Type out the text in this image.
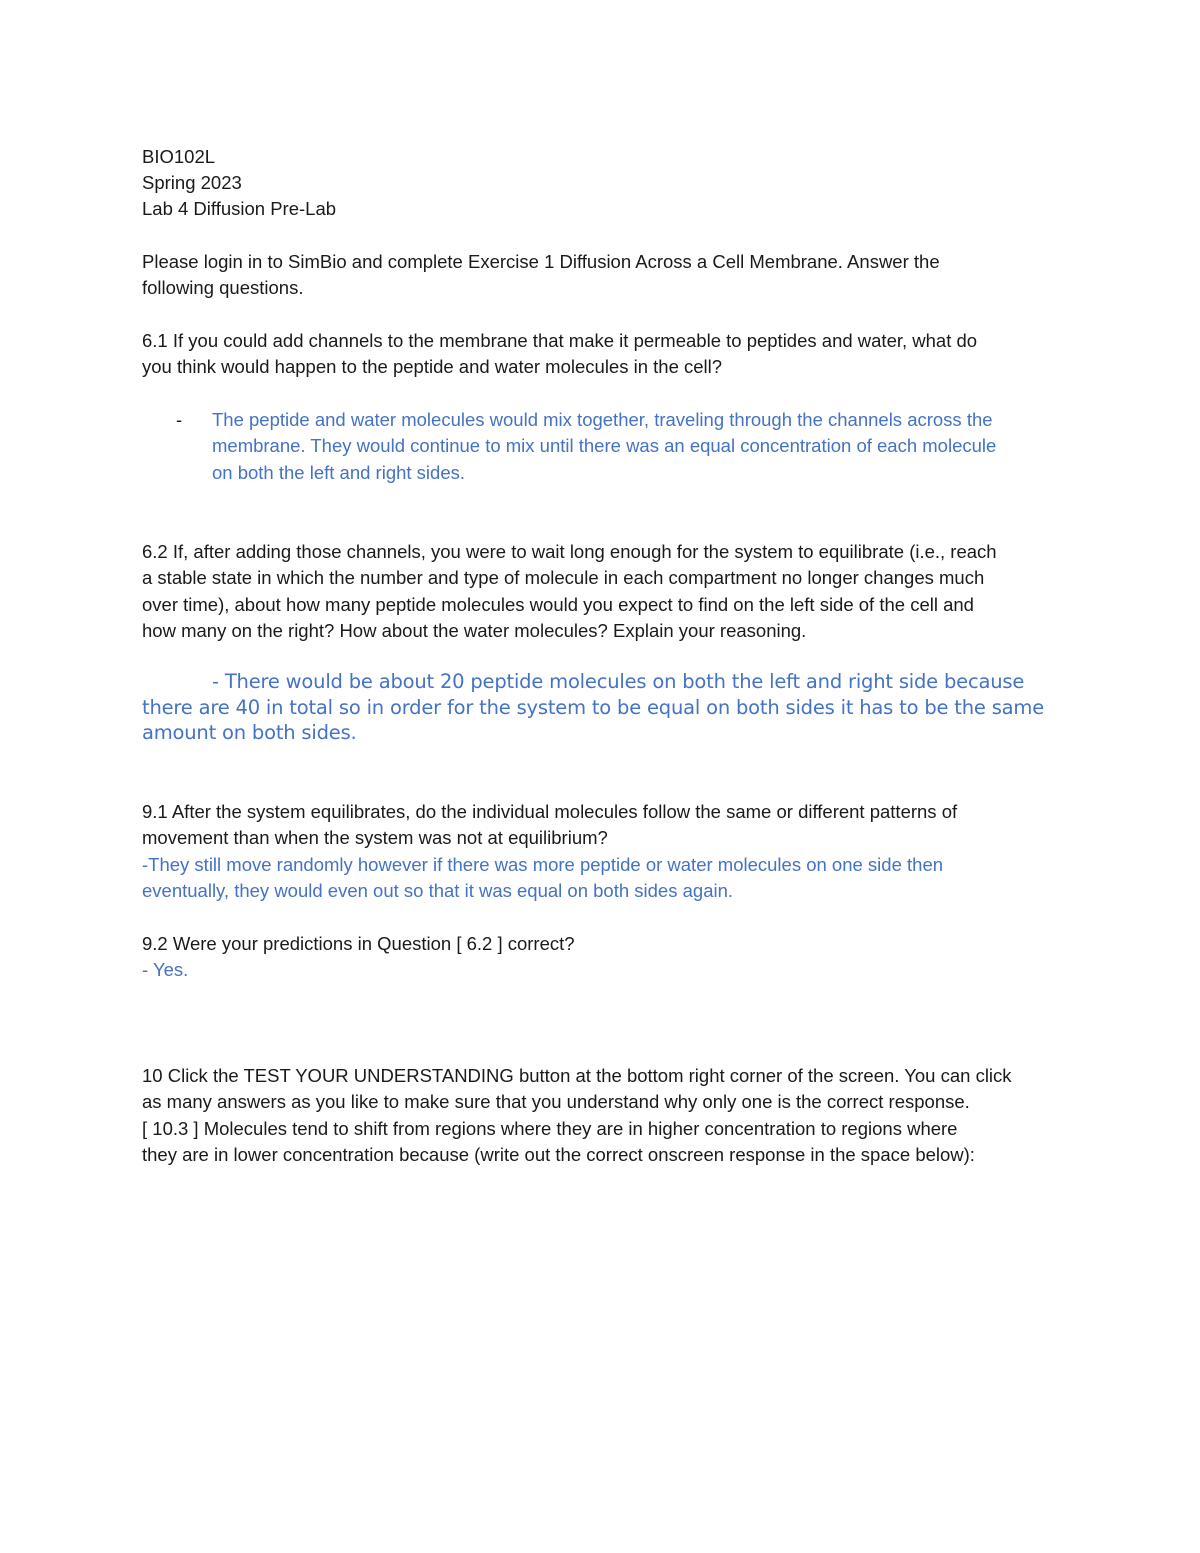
BIO102L
Spring 2023
Lab 4 Diffusion Pre-Lab
Please login in to SimBio and complete Exercise 1 Diffusion Across a Cell Membrane. Answer the
following questions.
6.1 If you could add channels to the membrane that make it permeable to peptides and water, what do
you think would happen to the peptide and water molecules in the cell?
- The peptide and water molecules would mix together, traveling through the channels across the
membrane. They would continue to mix until there was an equal concentration of each molecule
on both the left and right sides.
6.2 If, after adding those channels, you were to wait long enough for the system to equilibrate (i.e., reach
a stable state in which the number and type of molecule in each compartment no longer changes much
over time), about how many peptide molecules would you expect to find on the left side of the cell and
how many on the right? How about the water molecules? Explain your reasoning.
- There would be about 20 peptide molecules on both the left and right side because
there are 40 in total so in order for the system to be equal on both sides it has to be the same
amount on both sides.
9.1 After the system equilibrates, do the individual molecules follow the same or different patterns of
movement than when the system was not at equilibrium?
-They still move randomly however if there was more peptide or water molecules on one side then
eventually, they would even out so that it was equal on both sides again.
9.2 Were your predictions in Question [ 6.2 ] correct?
- Yes.
10 Click the TEST YOUR UNDERSTANDING button at the bottom right corner of the screen. You can click
as many answers as you like to make sure that you understand why only one is the correct response.
[ 10.3 ] Molecules tend to shift from regions where they are in higher concentration to regions where
they are in lower concentration because (write out the correct onscreen response in the space below):
